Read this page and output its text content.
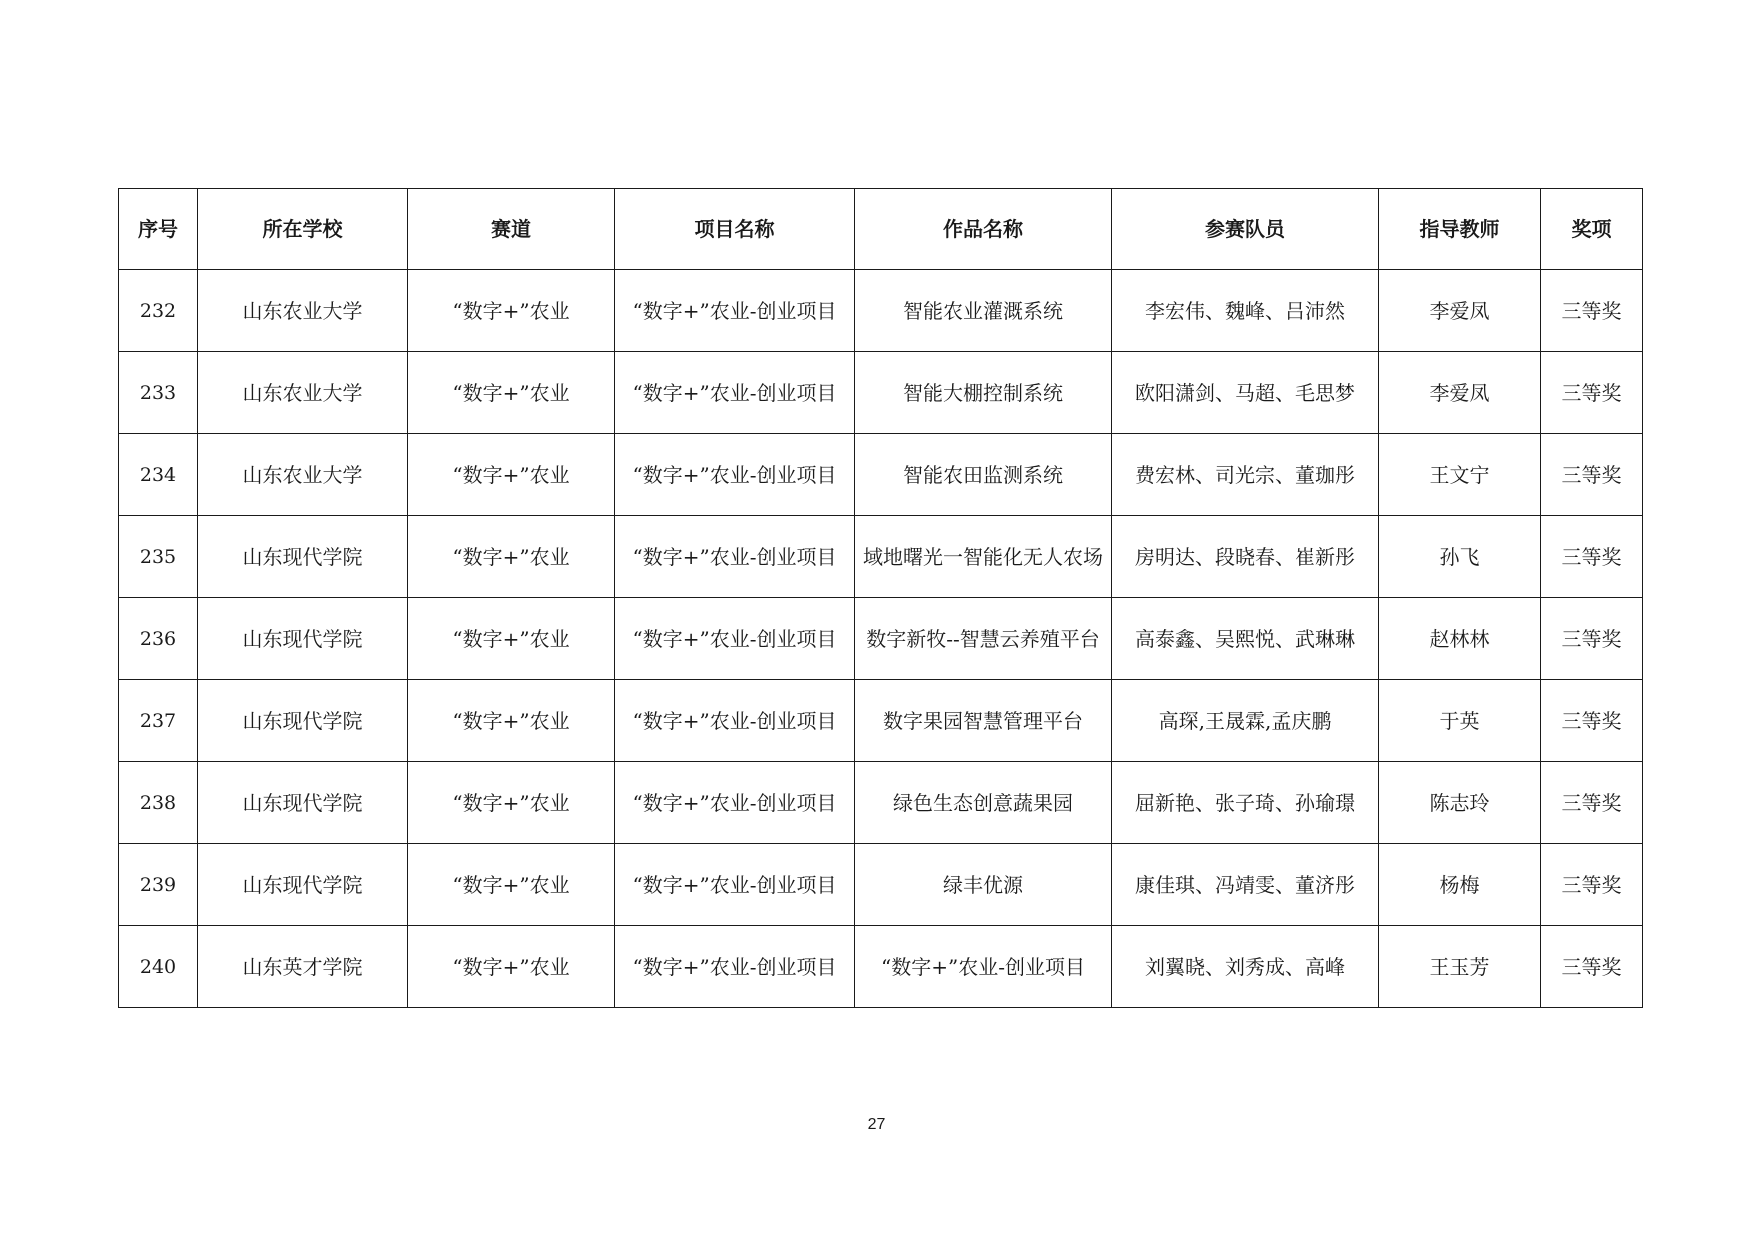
序号	所在学校	赛道	项目名称	作品名称	参赛队员	指导教师	奖项
232	山东农业大学	“数字+”农业	“数字+”农业-创业项目	智能农业灌溉系统	李宏伟、魏峰、吕沛然	李爱凤	三等奖
233	山东农业大学	“数字+”农业	“数字+”农业-创业项目	智能大棚控制系统	欧阳潇剑、马超、毛思梦	李爱凤	三等奖
234	山东农业大学	“数字+”农业	“数字+”农业-创业项目	智能农田监测系统	费宏林、司光宗、董珈彤	王文宁	三等奖
235	山东现代学院	“数字+”农业	“数字+”农业-创业项目	域地曙光一智能化无人农场	房明达、段晓春、崔新彤	孙飞	三等奖
236	山东现代学院	“数字+”农业	“数字+”农业-创业项目	数字新牧--智慧云养殖平台	高泰鑫、吴熙悦、武琳琳	赵林林	三等奖
237	山东现代学院	“数字+”农业	“数字+”农业-创业项目	数字果园智慧管理平台	高琛,王晟霖,孟庆鹏	于英	三等奖
238	山东现代学院	“数字+”农业	“数字+”农业-创业项目	绿色生态创意蔬果园	屈新艳、张子琦、孙瑜璟	陈志玲	三等奖
239	山东现代学院	“数字+”农业	“数字+”农业-创业项目	绿丰优源	康佳琪、冯靖雯、董济彤	杨梅	三等奖
240	山东英才学院	“数字+”农业	“数字+”农业-创业项目	“数字+”农业-创业项目	刘翼晓、刘秀成、高峰	王玉芳	三等奖
27
